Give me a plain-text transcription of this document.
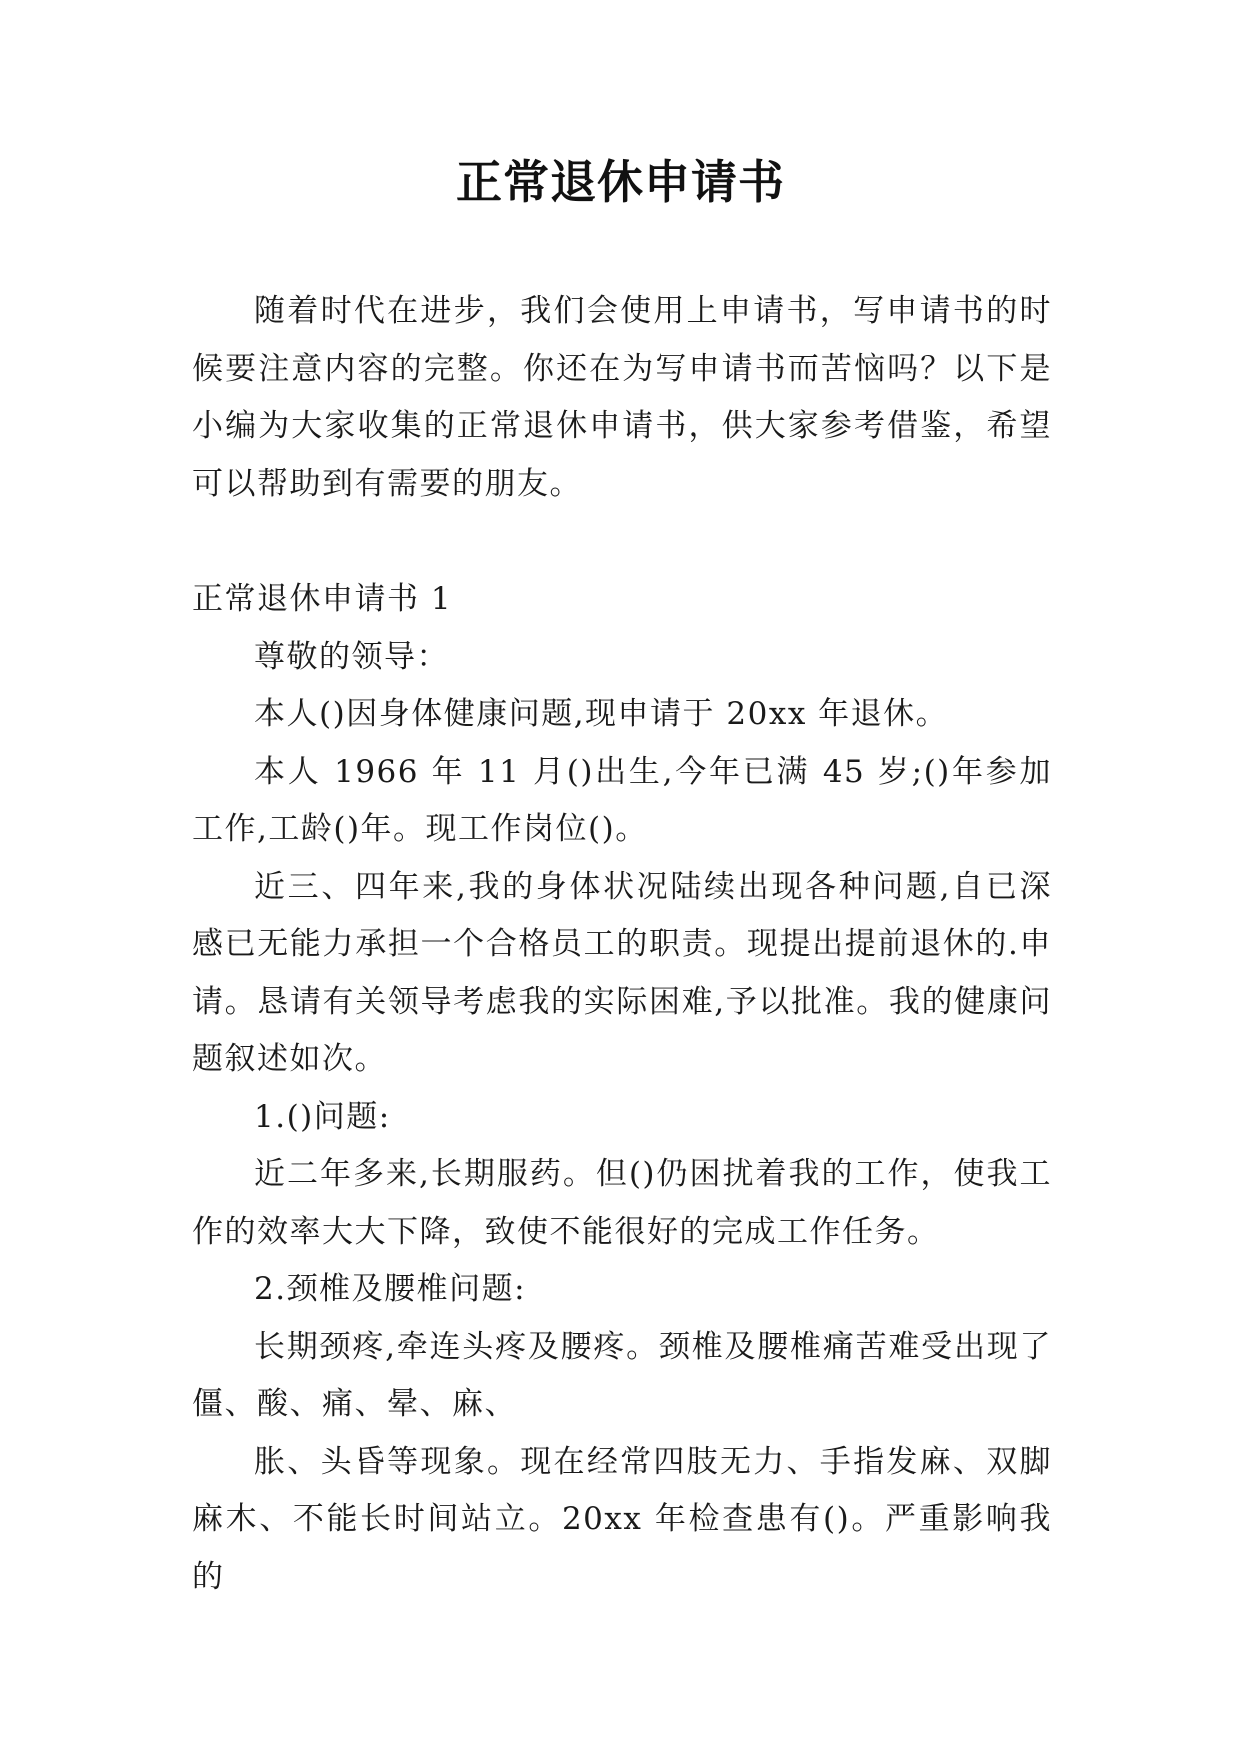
正常退休申请书

随着时代在进步，我们会使用上申请书，写申请书的时候要注意内容的完整。你还在为写申请书而苦恼吗？以下是小编为大家收集的正常退休申请书，供大家参考借鉴，希望可以帮助到有需要的朋友。

正常退休申请书 1

尊敬的领导：

本人()因身体健康问题,现申请于 20xx 年退休。

本人 1966 年 11 月()出生,今年已满 45 岁;()年参加工作,工龄()年。现工作岗位()。

近三、四年来,我的身体状况陆续出现各种问题,自已深感已无能力承担一个合格员工的职责。现提出提前退休的.申请。恳请有关领导考虑我的实际困难,予以批准。我的健康问题叙述如次。

1.()问题:

近二年多来,长期服药。但()仍困扰着我的工作，使我工作的效率大大下降，致使不能很好的完成工作任务。

2.颈椎及腰椎问题:

长期颈疼,牵连头疼及腰疼。颈椎及腰椎痛苦难受出现了僵、酸、痛、晕、麻、

胀、头昏等现象。现在经常四肢无力、手指发麻、双脚麻木、不能长时间站立。20xx 年检查患有()。严重影响我的
